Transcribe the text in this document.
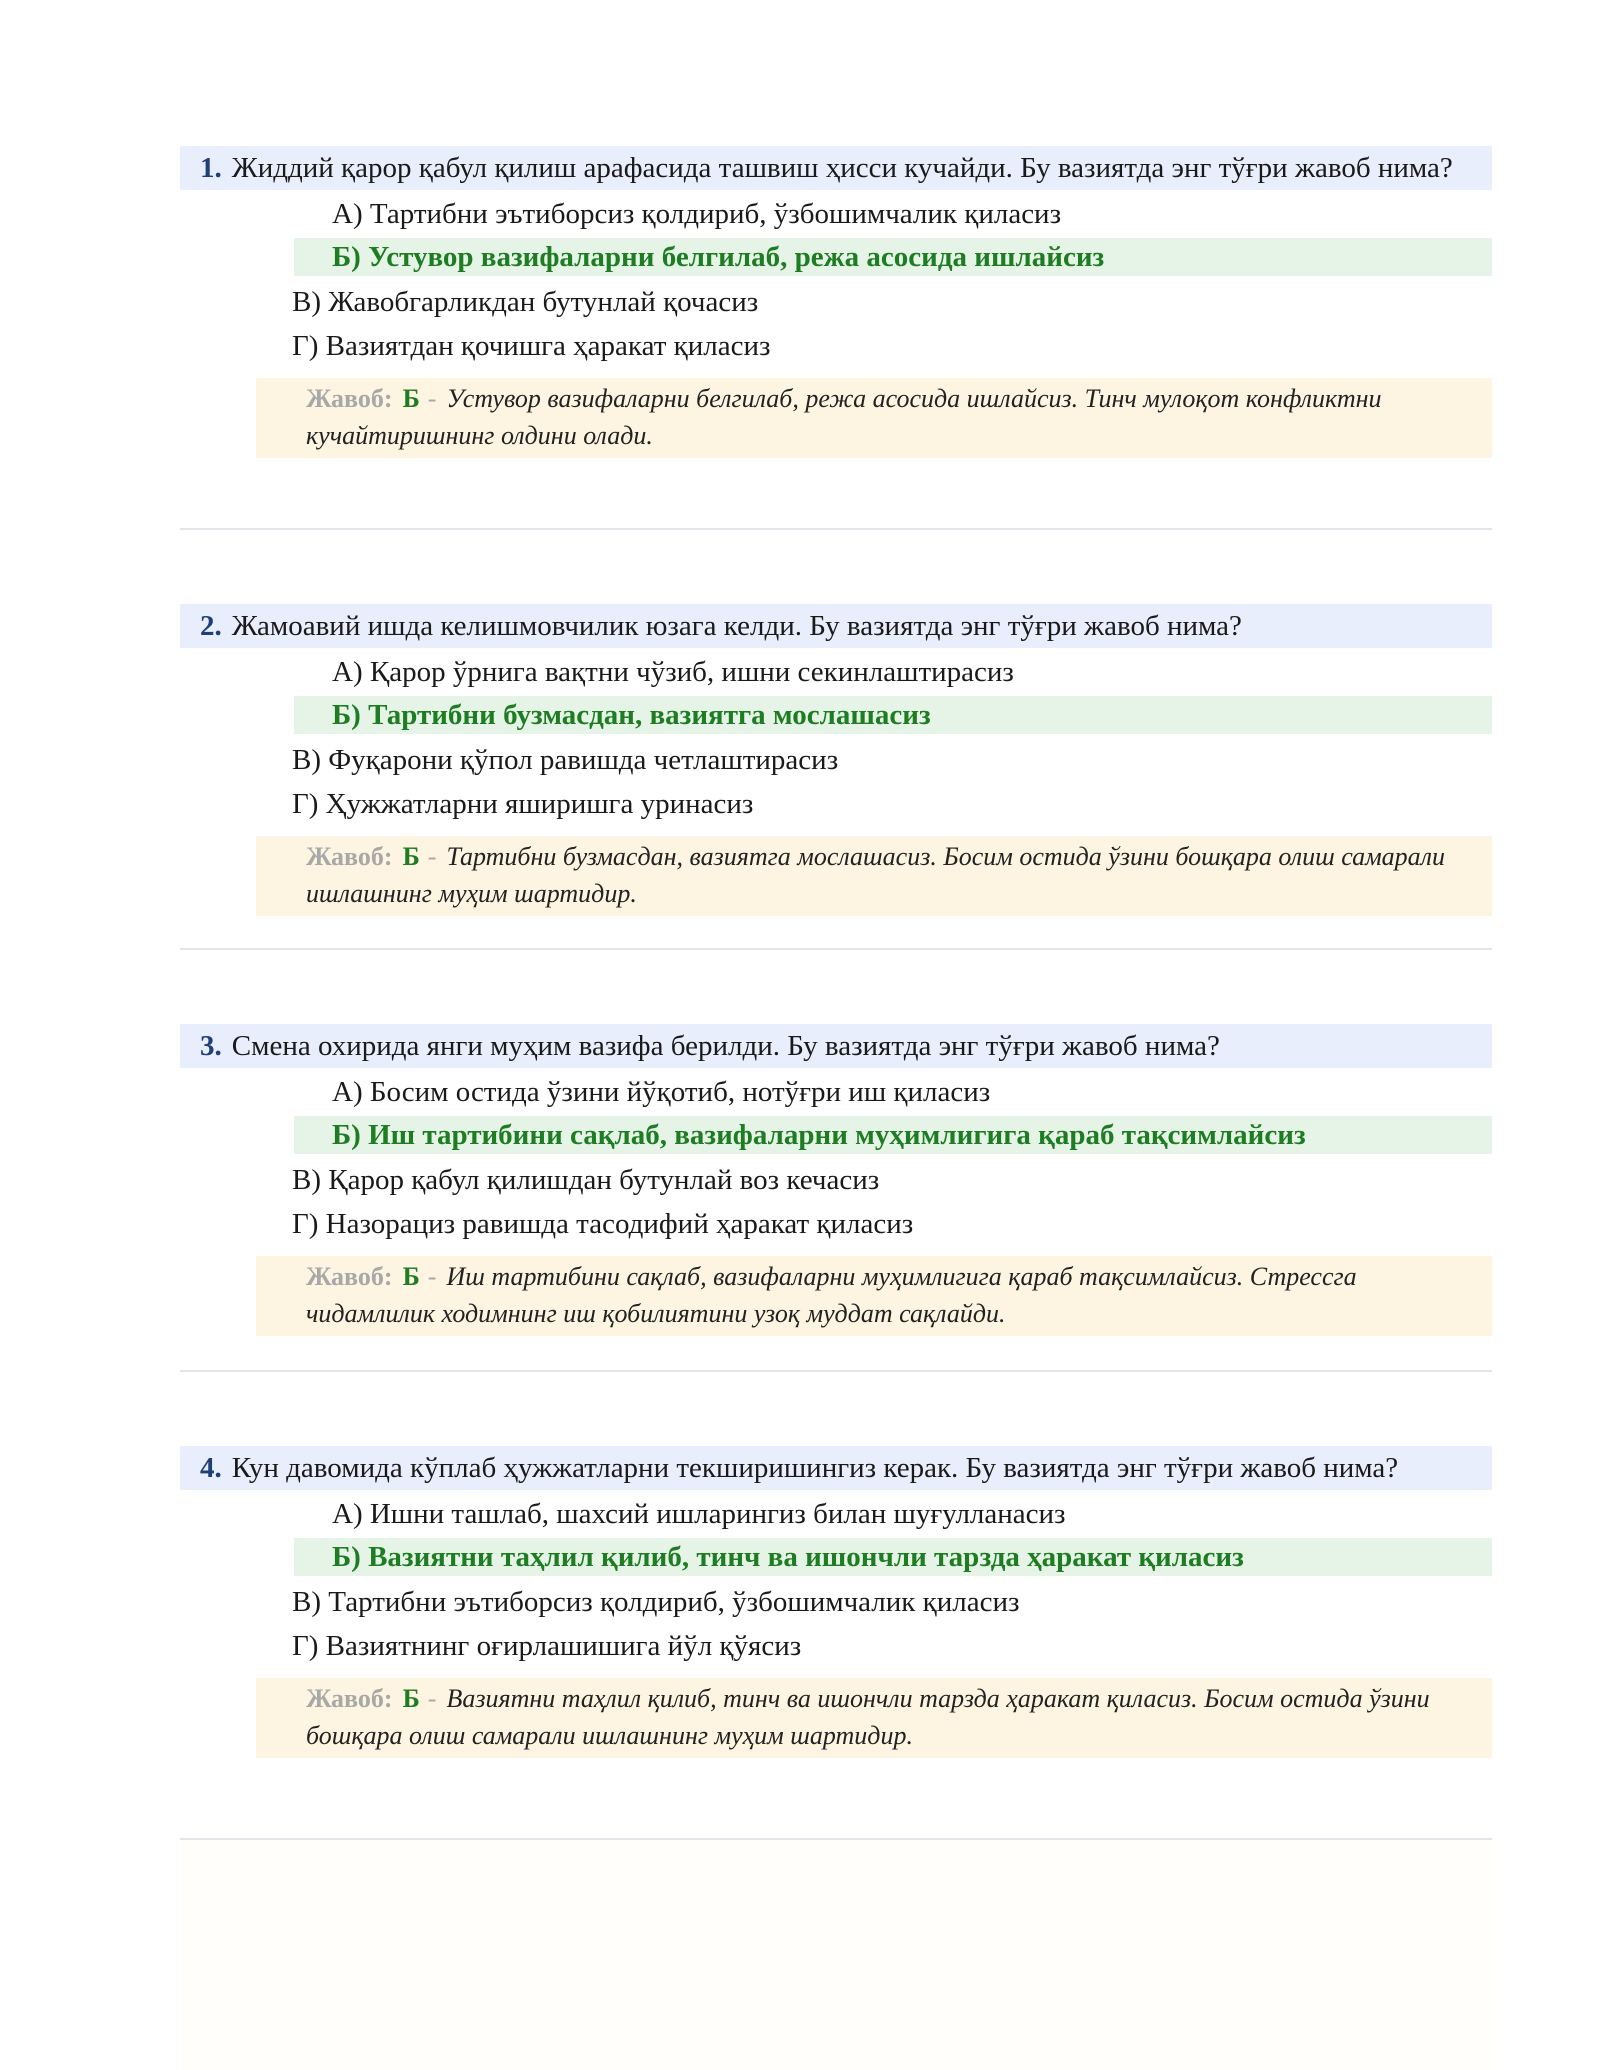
1. Жиддий қарор қабул қилиш арафасида ташвиш ҳисси кучайди. Бу вазиятда энг тўғри жавоб нима?
А) Тартибни эътиборсиз қолдириб, ўзбошимчалик қиласиз
Б) Устувор вазифаларни белгилаб, режа асосида ишлайсиз
В) Жавобгарликдан бутунлай қочасиз
Г) Вазиятдан қочишга ҳаракат қиласиз
Жавоб: Б - Устувор вазифаларни белгилаб, режа асосида ишлайсиз. Тинч мулоқот конфликтни кучайтиришнинг олдини олади.
2. Жамоавий ишда келишмовчилик юзага келди. Бу вазиятда энг тўғри жавоб нима?
А) Қарор ўрнига вақтни чўзиб, ишни секинлаштирасиз
Б) Тартибни бузмасдан, вазиятга мослашасиз
В) Фуқарони қўпол равишда четлаштирасиз
Г) Ҳужжатларни яширишга уринасиз
Жавоб: Б - Тартибни бузмасдан, вазиятга мослашасиз. Босим остида ўзини бошқара олиш самарали ишлашнинг муҳим шартидир.
3. Смена охирида янги муҳим вазифа берилди. Бу вазиятда энг тўғри жавоб нима?
А) Босим остида ўзини йўқотиб, нотўғри иш қиласиз
Б) Иш тартибини сақлаб, вазифаларни муҳимлигига қараб тақсимлайсиз
В) Қарор қабул қилишдан бутунлай воз кечасиз
Г) Назорациз равишда тасодифий ҳаракат қиласиз
Жавоб: Б - Иш тартибини сақлаб, вазифаларни муҳимлигига қараб тақсимлайсиз. Стрессга чидамлилик ходимнинг иш қобилиятини узоқ муддат сақлайди.
4. Кун давомида кўплаб ҳужжатларни текширишингиз керак. Бу вазиятда энг тўғри жавоб нима?
А) Ишни ташлаб, шахсий ишларингиз билан шуғулланасиз
Б) Вазиятни таҳлил қилиб, тинч ва ишончли тарзда ҳаракат қиласиз
В) Тартибни эътиборсиз қолдириб, ўзбошимчалик қиласиз
Г) Вазиятнинг оғирлашишига йўл қўясиз
Жавоб: Б - Вазиятни таҳлил қилиб, тинч ва ишончли тарзда ҳаракат қиласиз. Босим остида ўзини бошқара олиш самарали ишлашнинг муҳим шартидир.
